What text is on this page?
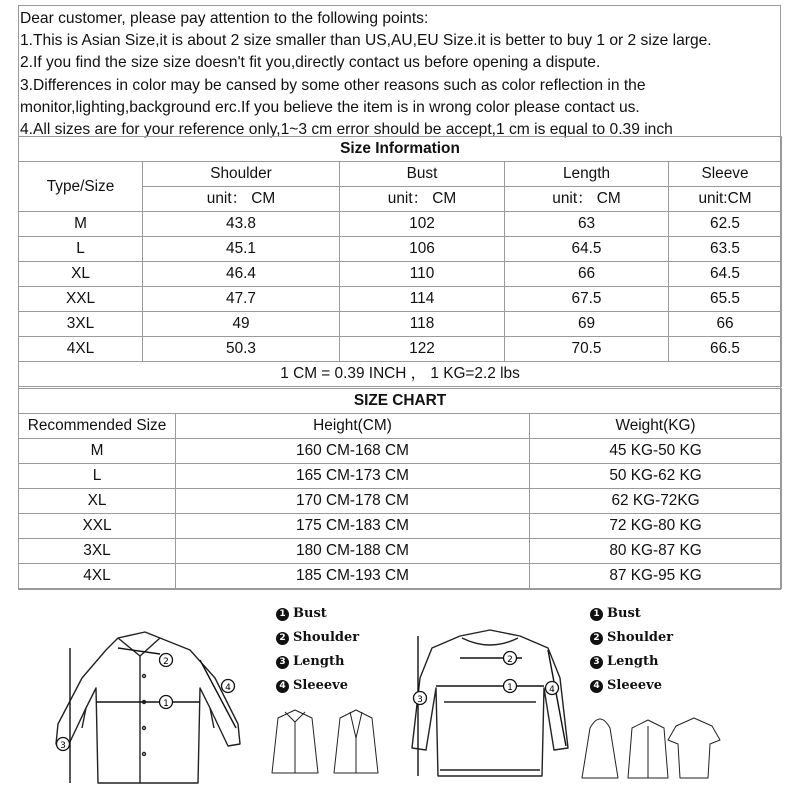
Dear customer, please pay attention to the following points:
1.This is Asian Size,it is about 2 size smaller than US,AU,EU Size.it is better to buy 1 or 2 size large.
2.If you find the size size doesn't fit you,directly contact us before opening a dispute.
3.Differences in color may be cansed by some other reasons such as color reflection in the
monitor,lighting,background erc.If you believe the item is in wrong color please contact us.
4.All sizes are for your reference only,1~3 cm error should be accept,1 cm is equal to 0.39 inch
Size Information				
Type/Size	Shoulder	Bust	Length	Sleeve
	unit： CM	unit： CM	unit： CM	unit:CM
M	43.8	102	63	62.5
L	45.1	106	64.5	63.5
XL	46.4	110	66	64.5
XXL	47.7	114	67.5	65.5
3XL	49	118	69	66
4XL	50.3	122	70.5	66.5
1 CM = 0.39 INCH ， 1 KG=2.2 lbs				
SIZE CHART		
Recommended Size	Height(CM)	Weight(KG)
M	160 CM-168 CM	45 KG-50 KG
L	165 CM-173 CM	50 KG-62 KG
XL	170 CM-178 CM	62 KG-72KG
XXL	175 CM-183 CM	72 KG-80 KG
3XL	180 CM-188 CM	80 KG-87 KG
4XL	185 CM-193 CM	87 KG-95 KG
1
2
3
4	1
2
3
4
1 Bust
2 Shoulder
3 Length
4 Sleeeve
1 Bust
2 Shoulder
3 Length
4 Sleeeve
